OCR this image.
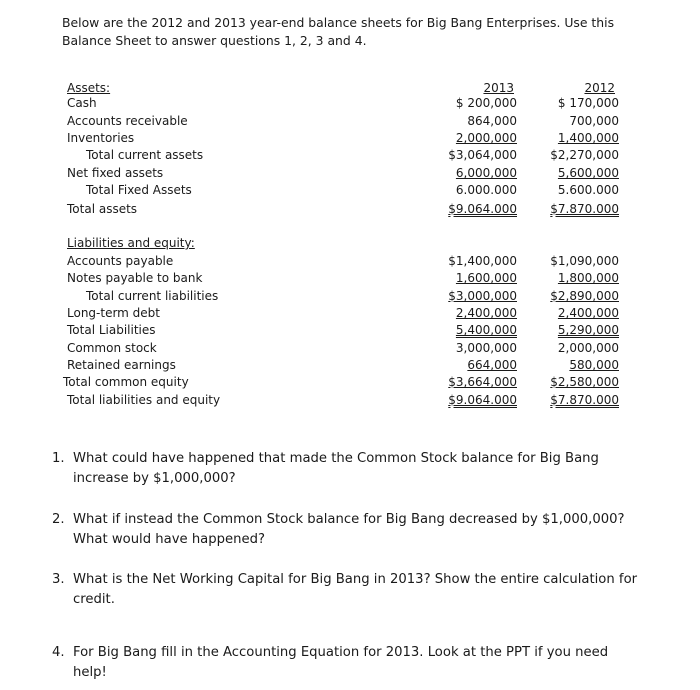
Below are the 2012 and 2013 year-end balance sheets for Big Bang Enterprises. Use this Balance Sheet to answer questions 1, 2, 3 and 4.
Assets:	2013	2012
Cash	$ 200,000	$ 170,000
Accounts receivable	864,000	700,000
Inventories	2,000,000	1,400,000
Total current assets	$3,064,000	$2,270,000
Net fixed assets	6,000,000	5,600,000
Total Fixed Assets	6.000.000	5.600.000
Total assets	$9.064.000	$7.870.000
Liabilities and equity:
Accounts payable	$1,400,000	$1,090,000
Notes payable to bank	1,600,000	1,800,000
Total current liabilities	$3,000,000	$2,890,000
Long-term debt	2,400,000	2,400,000
Total Liabilities	5,400,000	5,290,000
Common stock	3,000,000	2,000,000
Retained earnings	664,000	580,000
Total common equity	$3,664,000	$2,580,000
Total liabilities and equity	$9.064.000	$7.870.000
1. What could have happened that made the Common Stock balance for Big Bang increase by $1,000,000?
2. What if instead the Common Stock balance for Big Bang decreased by $1,000,000? What would have happened?
3. What is the Net Working Capital for Big Bang in 2013? Show the entire calculation for credit.
4. For Big Bang fill in the Accounting Equation for 2013. Look at the PPT if you need help!
